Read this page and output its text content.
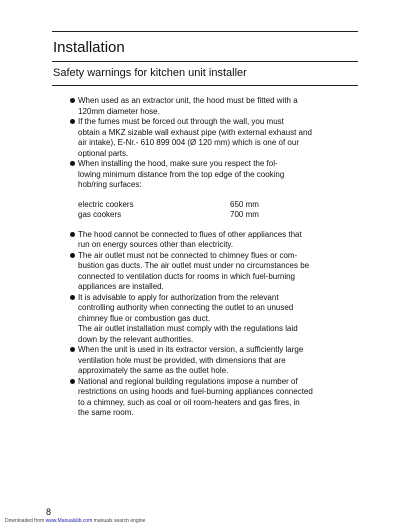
Installation
Safety warnings for kitchen unit installer

When used as an extractor unit, the hood must be fitted with a

120mm diameter hose.

If the fumes must be forced out through the wall, you must

obtain a MKZ sizable wall exhaust pipe (with external exhaust and

air intake), E-Nr.- 610 899 004 (Ø 120 mm) which is one of our

optional parts.

When installing the hood, make sure you respect the fol-

lowing minimum distance from the top edge of the cooking

hob/ring surfaces:

electric cookers	650 mm
gas cookers	700 mm

The hood cannot be connected to flues of other appliances that

run on energy sources other than electricity.

The air outlet must not be connected to chimney flues or com-

bustion gas ducts. The air outlet must under no circumstances be

connected to ventilation ducts for rooms in which fuel-burning

appliances are installed.

It is advisable to apply for authorization from the relevant

controlling authority when connecting the outlet to an unused

chimney flue or combustion gas duct.

The air outlet installation must comply with the regulations laid

down by the relevant authorities.

When the unit is used in its extractor version, a sufficiently large

ventilation hole must be provided, with dimensions that are

approximately the same as the outlet hole.

National and regional building regulations impose a number of

restrictions on using hoods and fuel-burning appliances connected

to a chimney, such as coal or oil room-heaters and gas fires, in

the same room.

8
Downloaded from www.Manualslib.com manuals search engine
